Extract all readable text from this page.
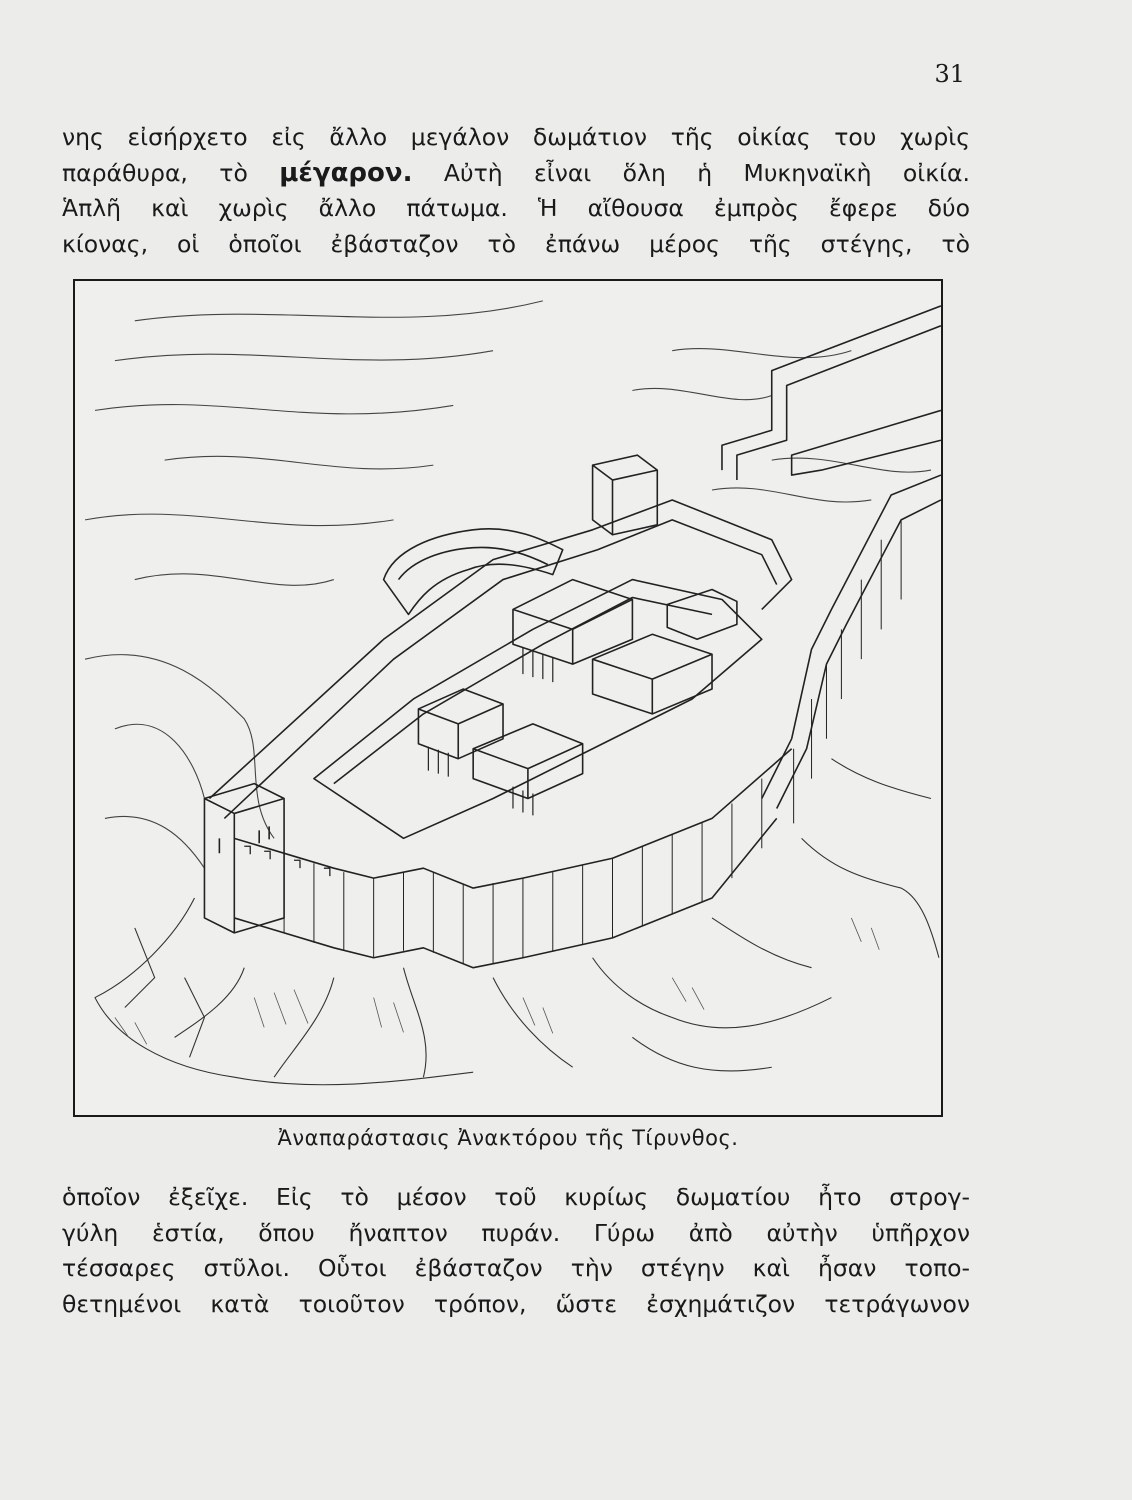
31
νης εἰσήρχετο εἰς ἄλλο μεγάλον δωμάτιον τῆς οἰκίας του χωρὶς
παράθυρα, τὸ μέγαρον. Αὐτὴ εἶναι ὅλη ἡ Μυκηναϊκὴ οἰκία.
Ἁπλῆ καὶ χωρὶς ἄλλο πάτωμα. Ἡ αἴθουσα ἐμπρὸς ἔφερε δύο
κίονας, οἱ ὁποῖοι ἐβάσταζον τὸ ἐπάνω μέρος τῆς στέγης, τὸ
Ἀναπαράστασις Ἀνακτόρου τῆς Τίρυνθος.
ὁποῖον ἐξεῖχε. Εἰς τὸ μέσον τοῦ κυρίως δωματίου ἦτο στρογ-
γύλη ἑστία, ὅπου ἤναπτον πυράν. Γύρω ἀπὸ αὐτὴν ὑπῆρχον
τέσσαρες στῦλοι. Οὗτοι ἐβάσταζον τὴν στέγην καὶ ἦσαν τοπο-
θετημένοι κατὰ τοιοῦτον τρόπον, ὥστε ἐσχημάτιζον τετράγωνον
